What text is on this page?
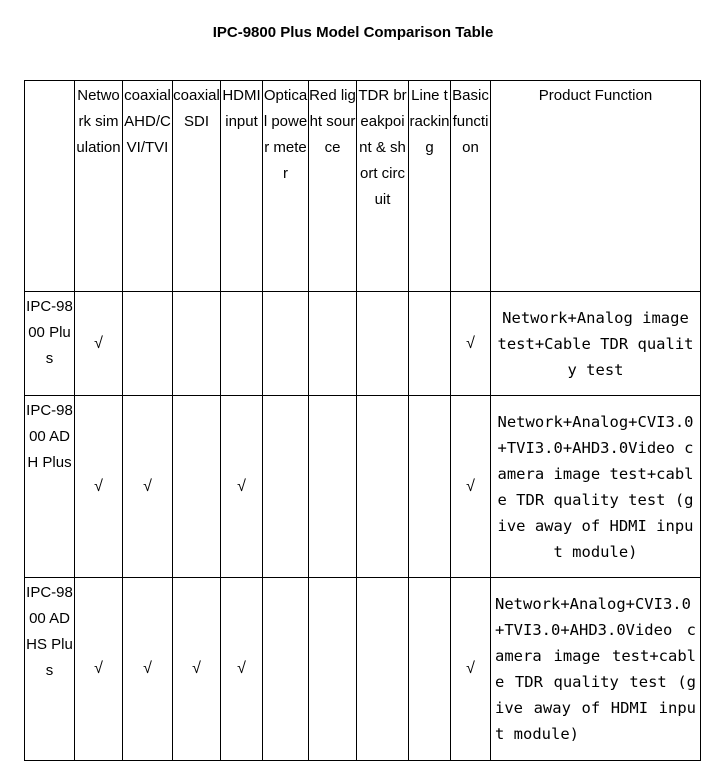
IPC-9800 Plus Model Comparison Table
	Network simulation	coaxial AHD/CVI/TVI	coaxial SDI	HDMI input	Optical power meter	Red light source	TDR breakpoint & short circuit	Line tracking	Basic function	Product Function
IPC-9800 Plus	√								√	Network+Analog image test+Cable TDR quality test
IPC-9800 ADH Plus	√	√		√					√	Network+Analog+CVI3.0+TVI3.0+AHD3.0Video camera image test+cable TDR quality test (give away of HDMI input module)
IPC-9800 ADHS Plus	√	√	√	√					√	Network+Analog+CVI3.0+TVI3.0+AHD3.0Video camera image test+cable TDR quality test (give away of HDMI input module)
